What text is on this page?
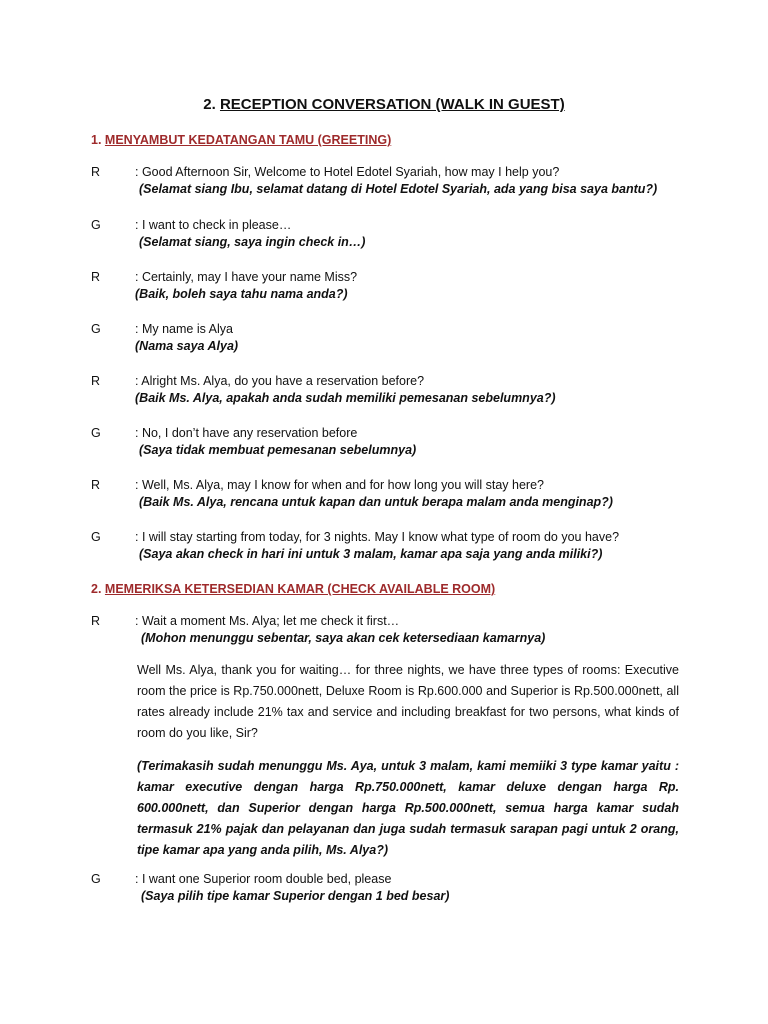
2. RECEPTION CONVERSATION (WALK IN GUEST)
1. MENYAMBUT KEDATANGAN TAMU (GREETING)
R	: Good Afternoon Sir, Welcome to Hotel Edotel Syariah, how may I help you?
(Selamat siang Ibu, selamat datang di Hotel Edotel Syariah, ada yang bisa saya bantu?)
G	: I want to check in please…
(Selamat siang, saya ingin check in…)
R	: Certainly, may I have your name Miss?
(Baik, boleh saya tahu nama anda?)
G	: My name is Alya
(Nama saya Alya)
R	: Alright Ms. Alya, do you have a reservation before?
(Baik Ms. Alya, apakah anda sudah memiliki pemesanan sebelumnya?)
G	: No, I don’t have any reservation before
(Saya tidak membuat pemesanan sebelumnya)
R	: Well, Ms. Alya, may I know for when and for how long you will stay here?
(Baik Ms. Alya, rencana untuk kapan dan untuk berapa malam anda menginap?)
G	: I will stay starting from today, for 3 nights. May I know what type of room do you have?
(Saya akan check in hari ini untuk 3 malam, kamar apa saja yang anda miliki?)
2. MEMERIKSA KETERSEDIAN KAMAR (CHECK AVAILABLE ROOM)
R	: Wait a moment Ms. Alya; let me check it first…
(Mohon menunggu sebentar, saya akan cek ketersediaan kamarnya)
Well Ms. Alya, thank you for waiting… for three nights, we have three types of rooms: Executive room the price is Rp.750.000nett, Deluxe Room is Rp.600.000 and Superior is Rp.500.000nett, all rates already include 21% tax and service and including breakfast for two persons, what kinds of room do you like, Sir?
(Terimakasih sudah menunggu Ms. Aya, untuk 3 malam, kami memiiki 3 type kamar yaitu : kamar executive dengan harga Rp.750.000nett, kamar deluxe dengan harga Rp. 600.000nett, dan Superior dengan harga Rp.500.000nett, semua harga kamar sudah termasuk 21% pajak dan pelayanan dan juga sudah termasuk sarapan pagi untuk 2 orang, tipe kamar apa yang anda pilih, Ms. Alya?)
G	: I want one Superior room double bed, please
(Saya pilih tipe kamar Superior dengan 1 bed besar)
